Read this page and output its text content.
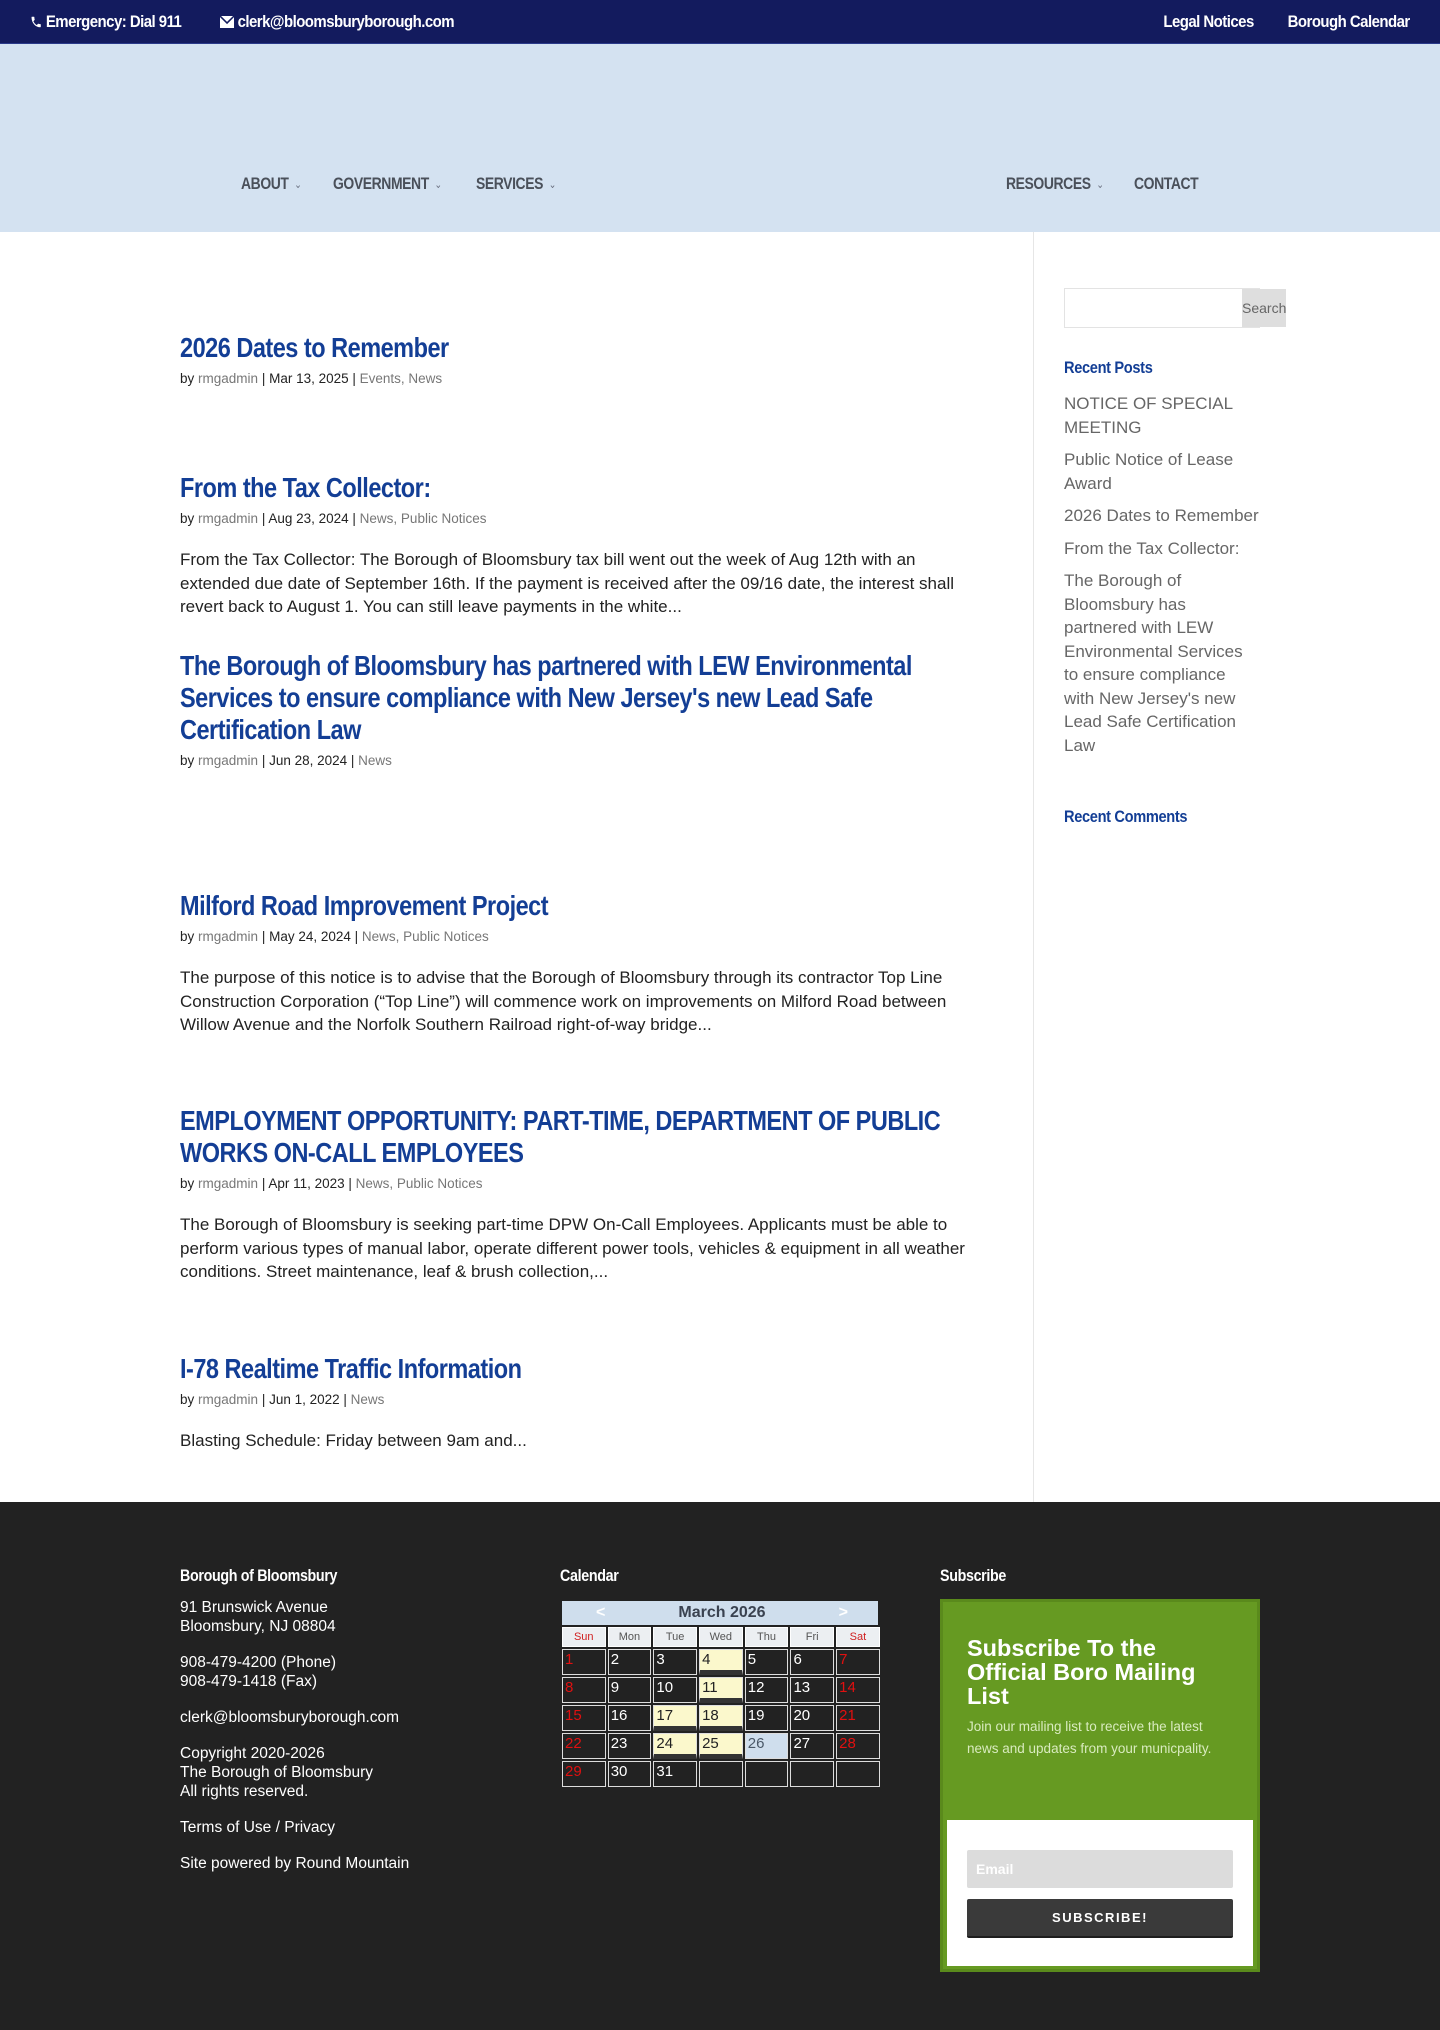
Emergency: Dial 911	clerk@bloomsburyborough.com	Legal Notices Borough Calendar
ABOUT ⌄ GOVERNMENT ⌄ SERVICES ⌄	RESOURCES ⌄ CONTACT
2026 Dates to Remember
by rmgadmin | Mar 13, 2025 | Events, News
From the Tax Collector:
by rmgadmin | Aug 23, 2024 | News, Public Notices

From the Tax Collector: The Borough of Bloomsbury tax bill went out the week of Aug 12th with an extended due date of September 16th. If the payment is received after the 09/16 date, the interest shall revert back to August 1. You can still leave payments in the white...

The Borough of Bloomsbury has partnered with LEW Environmental Services to ensure compliance with New Jersey's new Lead Safe Certification Law
by rmgadmin | Jun 28, 2024 | News
Milford Road Improvement Project
by rmgadmin | May 24, 2024 | News, Public Notices

The purpose of this notice is to advise that the Borough of Bloomsbury through its contractor Top Line Construction Corporation (“Top Line”) will commence work on improvements on Milford Road between Willow Avenue and the Norfolk Southern Railroad right-of-way bridge...

EMPLOYMENT OPPORTUNITY: PART-TIME, DEPARTMENT OF PUBLIC WORKS ON-CALL EMPLOYEES
by rmgadmin | Apr 11, 2023 | News, Public Notices

The Borough of Bloomsbury is seeking part-time DPW On-Call Employees. Applicants must be able to perform various types of manual labor, operate different power tools, vehicles & equipment in all weather conditions. Street maintenance, leaf & brush collection,...

I-78 Realtime Traffic Information
by rmgadmin | Jun 1, 2022 | News

Blasting Schedule: Friday between 9am and...

Search
Recent Posts
NOTICE OF SPECIAL MEETING
Public Notice of Lease Award
2026 Dates to Remember
From the Tax Collector:
The Borough of Bloomsbury has partnered with LEW Environmental Services to ensure compliance with New Jersey's new Lead Safe Certification Law
Recent Comments
Borough of Bloomsbury

91 Brunswick Avenue
Bloomsbury, NJ 08804

908-479-4200 (Phone)
908-479-1418 (Fax)

clerk@bloomsburyborough.com

Copyright 2020-2026
The Borough of Bloomsbury
All rights reserved.

Terms of Use / Privacy

Site powered by Round Mountain

Calendar
<	March 2026	>
Sun	Mon	Tue	Wed	Thu	Fri	Sat
1	2	3	4	5	6	7
8	9	10	11	12	13	14
15	16	17	18	19	20	21
22	23	24	25	26	27	28
29	30	31
Subscribe
Subscribe To the Official Boro Mailing List
Join our mailing list to receive the latest news and updates from your municpality.
Email
SUBSCRIBE!
